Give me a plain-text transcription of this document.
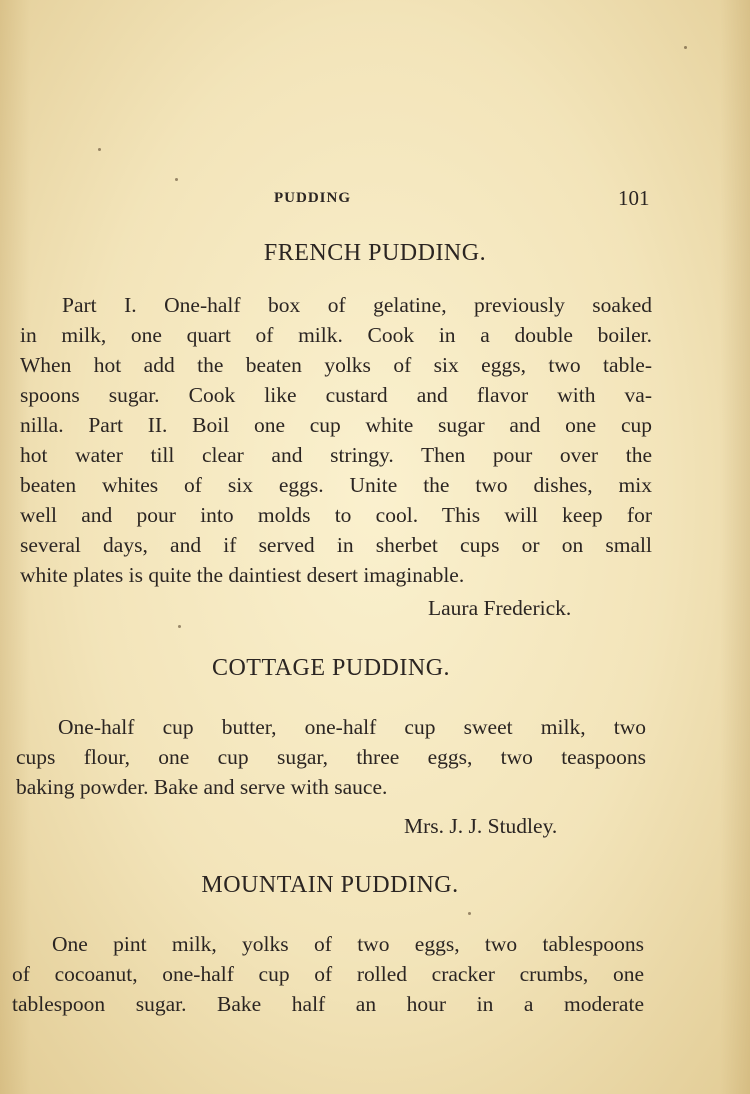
PUDDING	101
FRENCH PUDDING.
Part I. One-half box of gelatine, previously soaked
in milk, one quart of milk. Cook in a double boiler.
When hot add the beaten yolks of six eggs, two table-
spoons sugar. Cook like custard and flavor with va-
nilla. Part II. Boil one cup white sugar and one cup
hot water till clear and stringy. Then pour over the
beaten whites of six eggs. Unite the two dishes, mix
well and pour into molds to cool. This will keep for
several days, and if served in sherbet cups or on small
white plates is quite the daintiest desert imaginable.
Laura Frederick.
COTTAGE PUDDING.
One-half cup butter, one-half cup sweet milk, two
cups flour, one cup sugar, three eggs, two teaspoons
baking powder. Bake and serve with sauce.
Mrs. J. J. Studley.
MOUNTAIN PUDDING.
One pint milk, yolks of two eggs, two tablespoons
of cocoanut, one-half cup of rolled cracker crumbs, one
tablespoon sugar. Bake half an hour in a moderate
